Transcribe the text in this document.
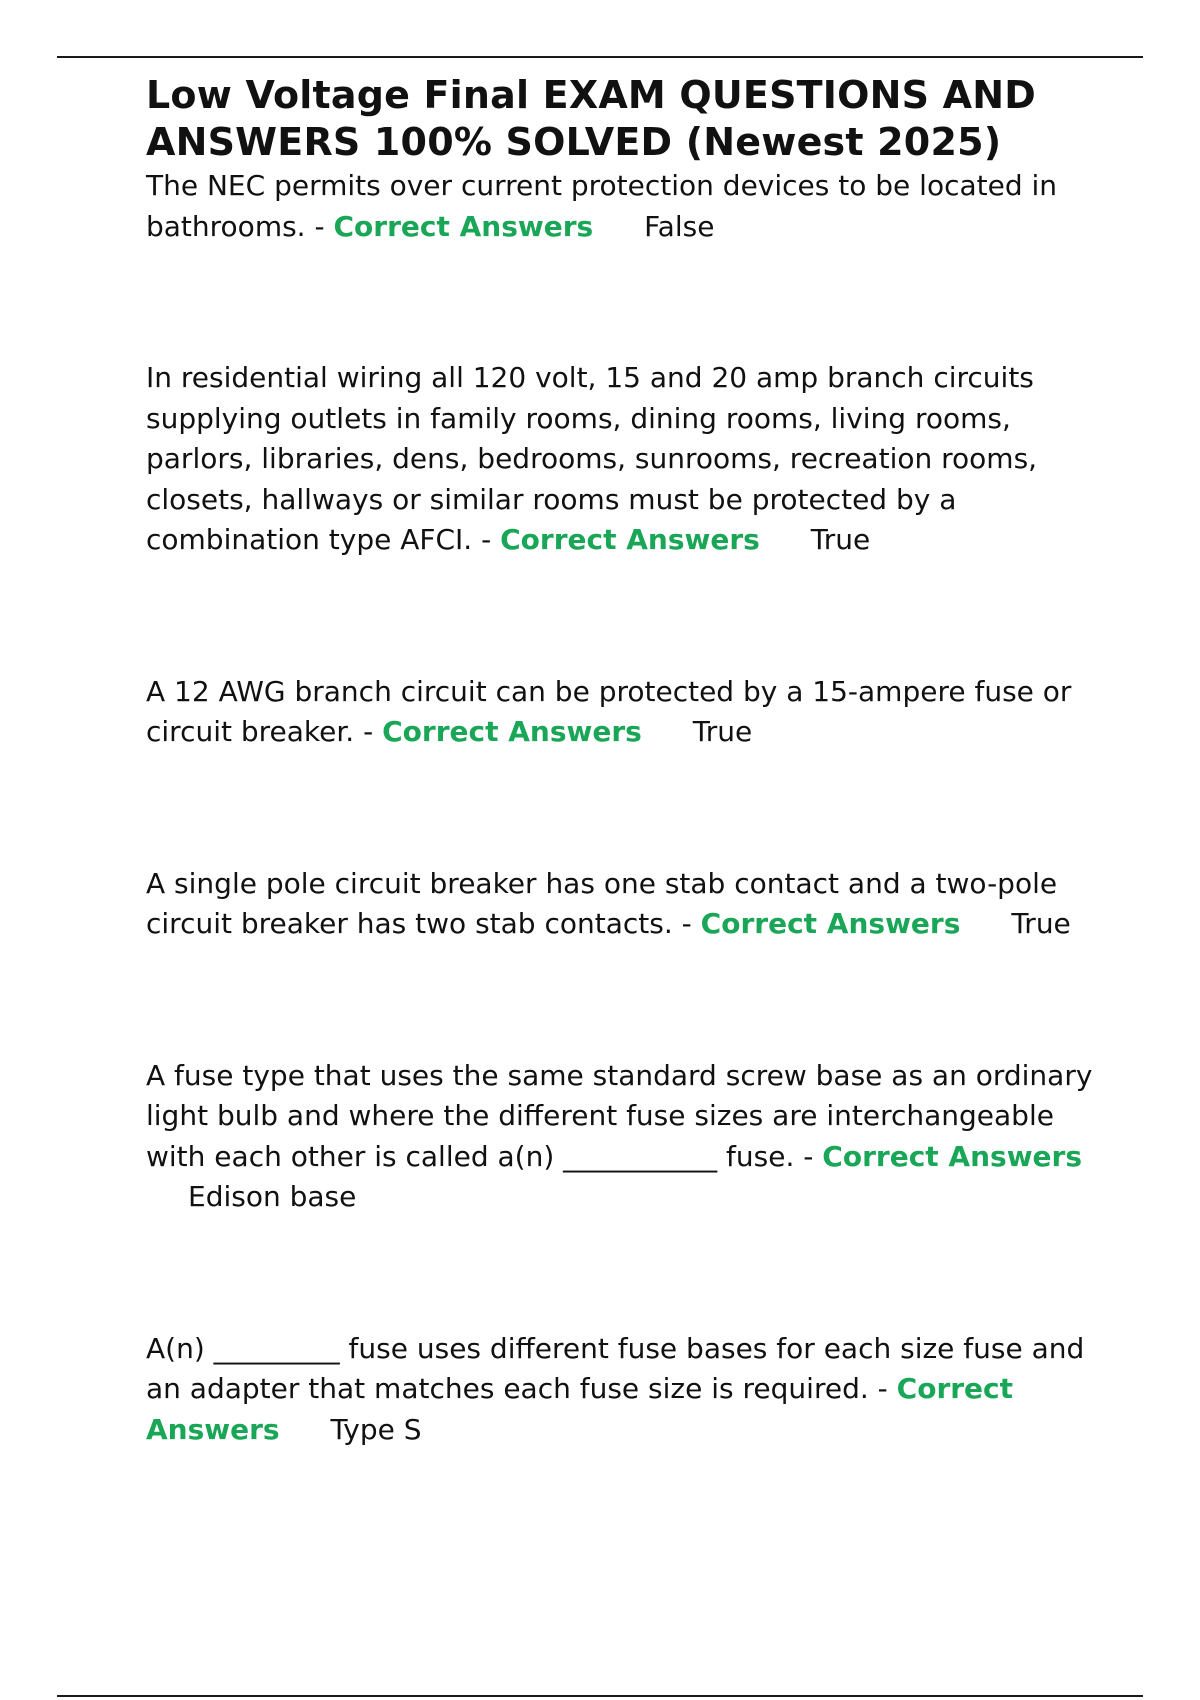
Low Voltage Final EXAM QUESTIONS AND ANSWERS 100% SOLVED (Newest 2025)

The NEC permits over current protection devices to be located in bathrooms. - Correct Answers False

In residential wiring all 120 volt, 15 and 20 amp branch circuits supplying outlets in family rooms, dining rooms, living rooms, parlors, libraries, dens, bedrooms, sunrooms, recreation rooms, closets, hallways or similar rooms must be protected by a combination type AFCI. - Correct Answers True

A 12 AWG branch circuit can be protected by a 15-ampere fuse or circuit breaker. - Correct Answers True

A single pole circuit breaker has one stab contact and a two-pole circuit breaker has two stab contacts. - Correct Answers True

A fuse type that uses the same standard screw base as an ordinary light bulb and where the different fuse sizes are interchangeable with each other is called a(n) ___________ fuse. - Correct Answers Edison base

A(n) _________ fuse uses different fuse bases for each size fuse and an adapter that matches each fuse size is required. - Correct Answers Type S
